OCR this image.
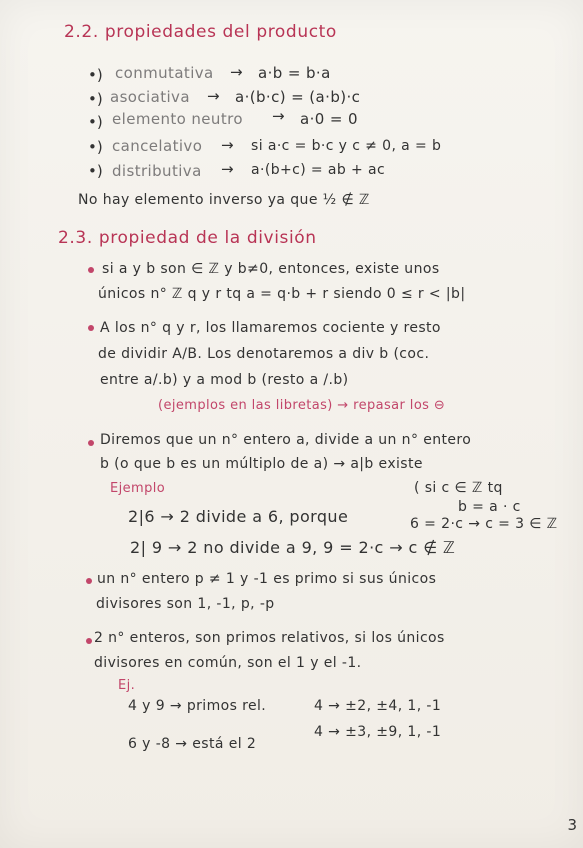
2.2. propiedades del producto
•) conmutativa → a·b = b·a
•) asociativa → a·(b·c) = (a·b)·c
•) elemento neutro → a·0 = 0
•) cancelativo → si a·c = b·c y c ≠ 0, a = b
•) distributiva → a·(b+c) = ab + ac
No hay elemento inverso ya que ½ ∉ ℤ
2.3. propiedad de la división
si a y b son ∈ ℤ y b≠0, entonces, existe unos
únicos n° ℤ q y r tq a = q·b + r siendo 0 ≤ r < |b|
A los n° q y r, los llamaremos cociente y resto
de dividir A/B. Los denotaremos a div b (coc.
entre a/.b) y a mod b (resto a /.b)
(ejemplos en las libretas) → repasar los ⊖
Diremos que un n° entero a, divide a un n° entero
b (o que b es un múltiplo de a) → a|b existe
Ejemplo	( si c ∈ ℤ tq
b = a · c
2|6 → 2 divide a 6, porque	6 = 2·c → c = 3 ∈ ℤ
2| 9 → 2 no divide a 9, 9 = 2·c → c ∉ ℤ
un n° entero p ≠ 1 y -1 es primo si sus únicos
divisores son 1, -1, p, -p
2 n° enteros, son primos relativos, si los únicos
divisores en común, son el 1 y el -1.
Ej.
4 y 9 → primos rel.	4 → ±2, ±4, 1, -1
4 → ±3, ±9, 1, -1
6 y -8 → está el 2
3
